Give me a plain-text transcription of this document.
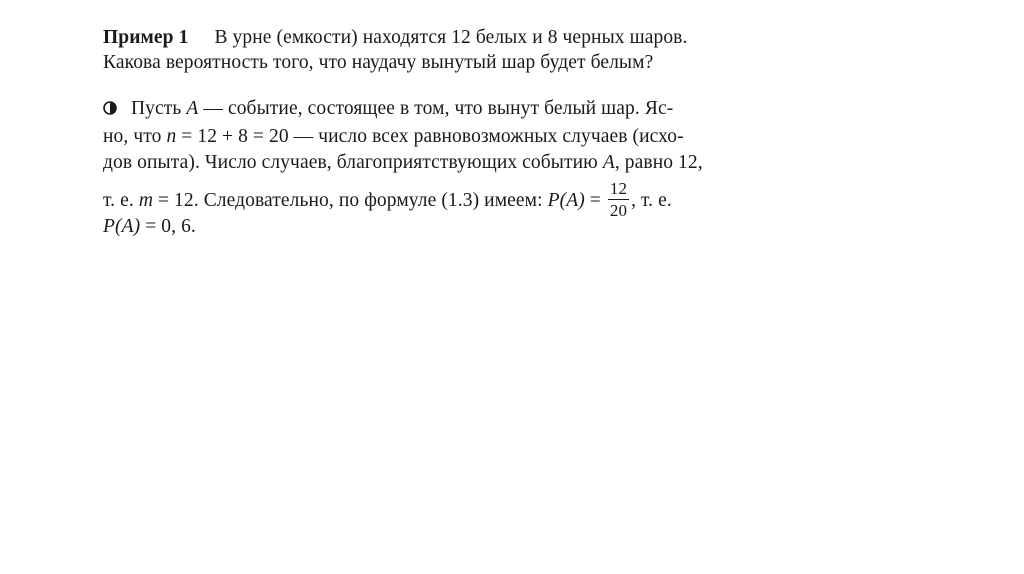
Пример 1 В урне (емкости) находятся 12 белых и 8 черных шаров.
Какова вероятность того, что наудачу вынутый шар будет белым?
Пусть A — событие, состоящее в том, что вынут белый шар. Яс-
но, что n = 12 + 8 = 20 — число всех равновозможных случаев (исхо-
дов опыта). Число случаев, благоприятствующих событию A, равно 12,
т. е. m = 12. Следовательно, по формуле (1.3) имеем: $P(A) = \frac{12}{20}$ , т. е.
P(A) = 0, 6.
